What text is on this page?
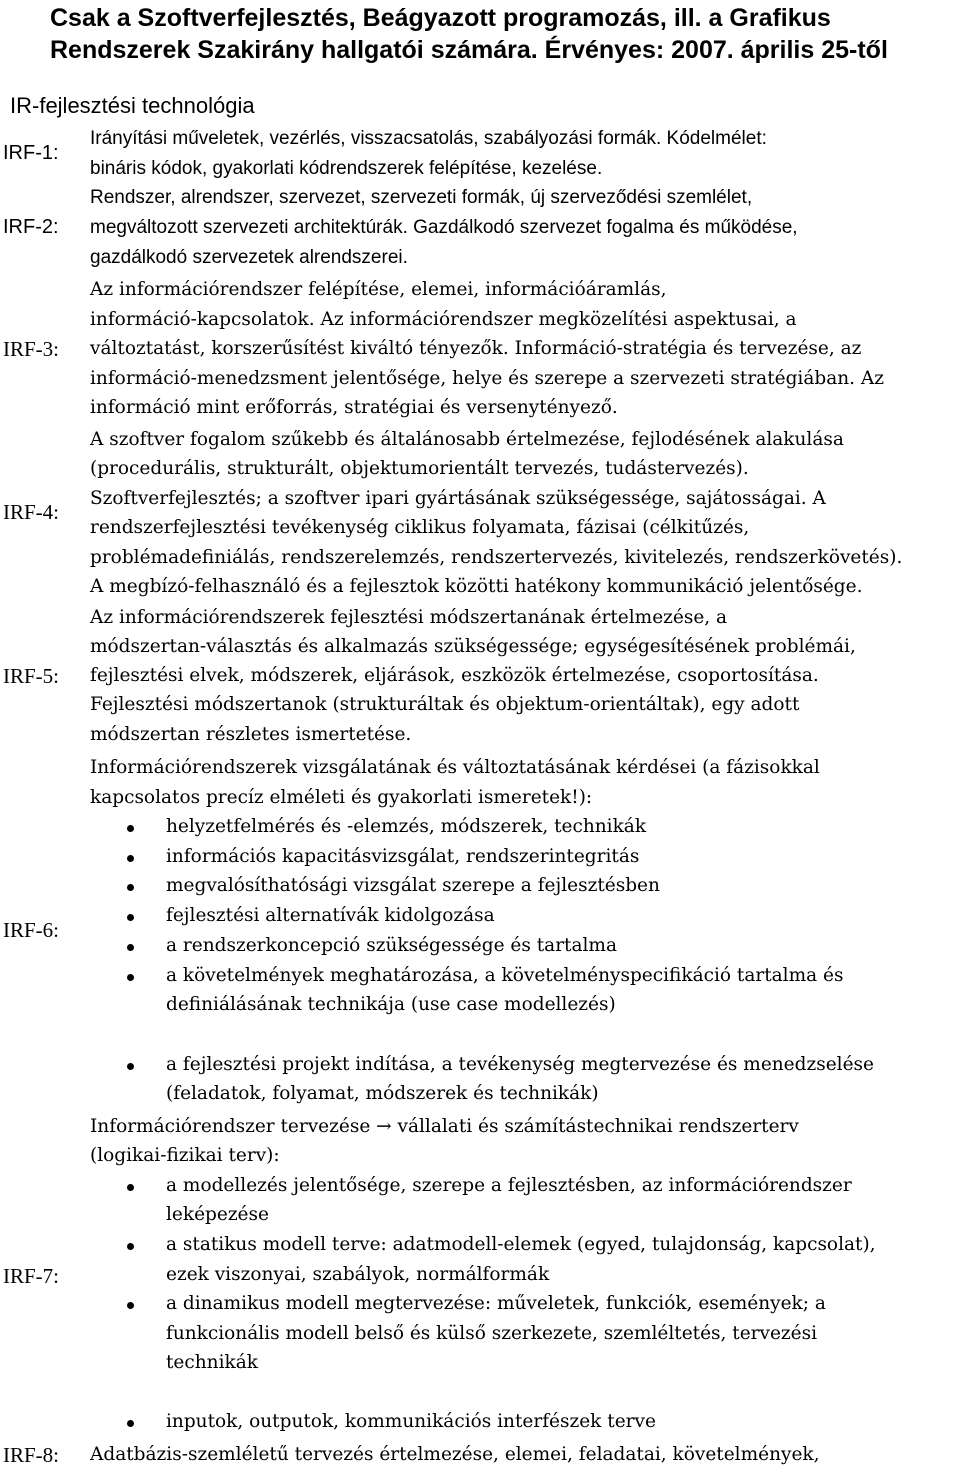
Csak a Szoftverfejlesztés, Beágyazott programozás, ill. a Grafikus
Rendszerek Szakirány hallgatói számára. Érvényes: 2007. április 25-től
IR-fejlesztési technológia
IRF-1:
Irányítási műveletek, vezérlés, visszacsatolás, szabályozási formák. Kódelmélet:
bináris kódok, gyakorlati kódrendszerek felépítése, kezelése.
IRF-2:
Rendszer, alrendszer, szervezet, szervezeti formák, új szerveződési szemlélet,
megváltozott szervezeti architektúrák. Gazdálkodó szervezet fogalma és működése,
gazdálkodó szervezetek alrendszerei.
IRF-3:
Az információrendszer felépítése, elemei, információáramlás,
információ-kapcsolatok. Az információrendszer megközelítési aspektusai, a
változtatást, korszerűsítést kiváltó tényezők. Információ-stratégia és tervezése, az
információ-menedzsment jelentősége, helye és szerepe a szervezeti stratégiában. Az
információ mint erőforrás, stratégiai és versenytényező.
IRF-4:
A szoftver fogalom szűkebb és általánosabb értelmezése, fejlodésének alakulása
(procedurális, strukturált, objektumorientált tervezés, tudástervezés).
Szoftverfejlesztés; a szoftver ipari gyártásának szükségessége, sajátosságai. A
rendszerfejlesztési tevékenység ciklikus folyamata, fázisai (célkitűzés,
problémadefiniálás, rendszerelemzés, rendszertervezés, kivitelezés, rendszerkövetés).
A megbízó-felhasználó és a fejlesztok közötti hatékony kommunikáció jelentősége.
IRF-5:
Az információrendszerek fejlesztési módszertanának értelmezése, a
módszertan-választás és alkalmazás szükségessége; egységesítésének problémái,
fejlesztési elvek, módszerek, eljárások, eszközök értelmezése, csoportosítása.
Fejlesztési módszertanok (strukturáltak és objektum-orientáltak), egy adott
módszertan részletes ismertetése.
IRF-6:
Információrendszerek vizsgálatának és változtatásának kérdései (a fázisokkal
kapcsolatos precíz elméleti és gyakorlati ismeretek!):
helyzetfelmérés és -elemzés, módszerek, technikák
információs kapacitásvizsgálat, rendszerintegritás
megvalósíthatósági vizsgálat szerepe a fejlesztésben
fejlesztési alternatívák kidolgozása
a rendszerkoncepció szükségessége és tartalma
a követelmények meghatározása, a követelményspecifikáció tartalma és
definiálásának technikája (use case modellezés)
a fejlesztési projekt indítása, a tevékenység megtervezése és menedzselése
(feladatok, folyamat, módszerek és technikák)
IRF-7:
Információrendszer tervezése → vállalati és számítástechnikai rendszerterv
(logikai-fizikai terv):
a modellezés jelentősége, szerepe a fejlesztésben, az információrendszer
leképezése
a statikus modell terve: adatmodell-elemek (egyed, tulajdonság, kapcsolat),
ezek viszonyai, szabályok, normálformák
a dinamikus modell megtervezése: műveletek, funkciók, események; a
funkcionális modell belső és külső szerkezete, szemléltetés, tervezési
technikák
inputok, outputok, kommunikációs interfészek terve
IRF-8: Adatbázis-szemléletű tervezés értelmezése, elemei, feladatai, követelmények,
